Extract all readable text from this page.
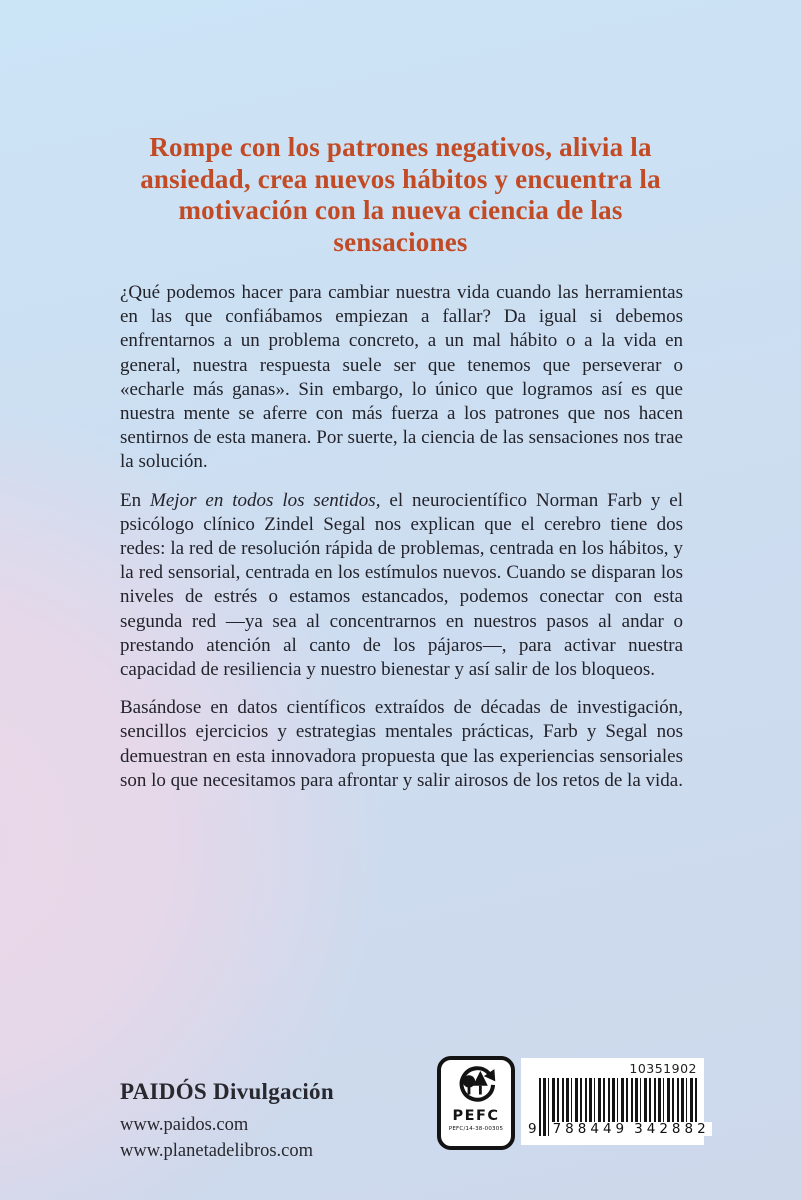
Rompe con los patrones negativos, alivia la ansiedad, crea nuevos hábitos y encuentra la motivación con la nueva ciencia de las sensaciones

¿Qué podemos hacer para cambiar nuestra vida cuando las herramientas en las que confiábamos empiezan a fallar? Da igual si debemos enfrentarnos a un problema concreto, a un mal hábito o a la vida en general, nuestra respuesta suele ser que tenemos que perseverar o «echarle más ganas». Sin embargo, lo único que logramos así es que nuestra mente se aferre con más fuerza a los patrones que nos hacen sentirnos de esta manera. Por suerte, la ciencia de las sensaciones nos trae la solución.

En Mejor en todos los sentidos, el neurocientífico Norman Farb y el psicólogo clínico Zindel Segal nos explican que el cerebro tiene dos redes: la red de resolución rápida de problemas, centrada en los hábitos, y la red sensorial, centrada en los estímulos nuevos. Cuando se disparan los niveles de estrés o estamos estancados, podemos conectar con esta segunda red —ya sea al concentrarnos en nuestros pasos al andar o prestando atención al canto de los pájaros—, para activar nuestra capacidad de resiliencia y nuestro bienestar y así salir de los bloqueos.

Basándose en datos científicos extraídos de décadas de investigación, sencillos ejercicios y estrategias mentales prácticas, Farb y Segal nos demuestran en esta innovadora propuesta que las experiencias sensoriales son lo que necesitamos para afrontar y salir airosos de los retos de la vida.

PAIDÓS Divulgación
www.paidos.com
www.planetadelibros.com
PEFC
PEFC/14-38-00305
10351902
9 788449 342882
